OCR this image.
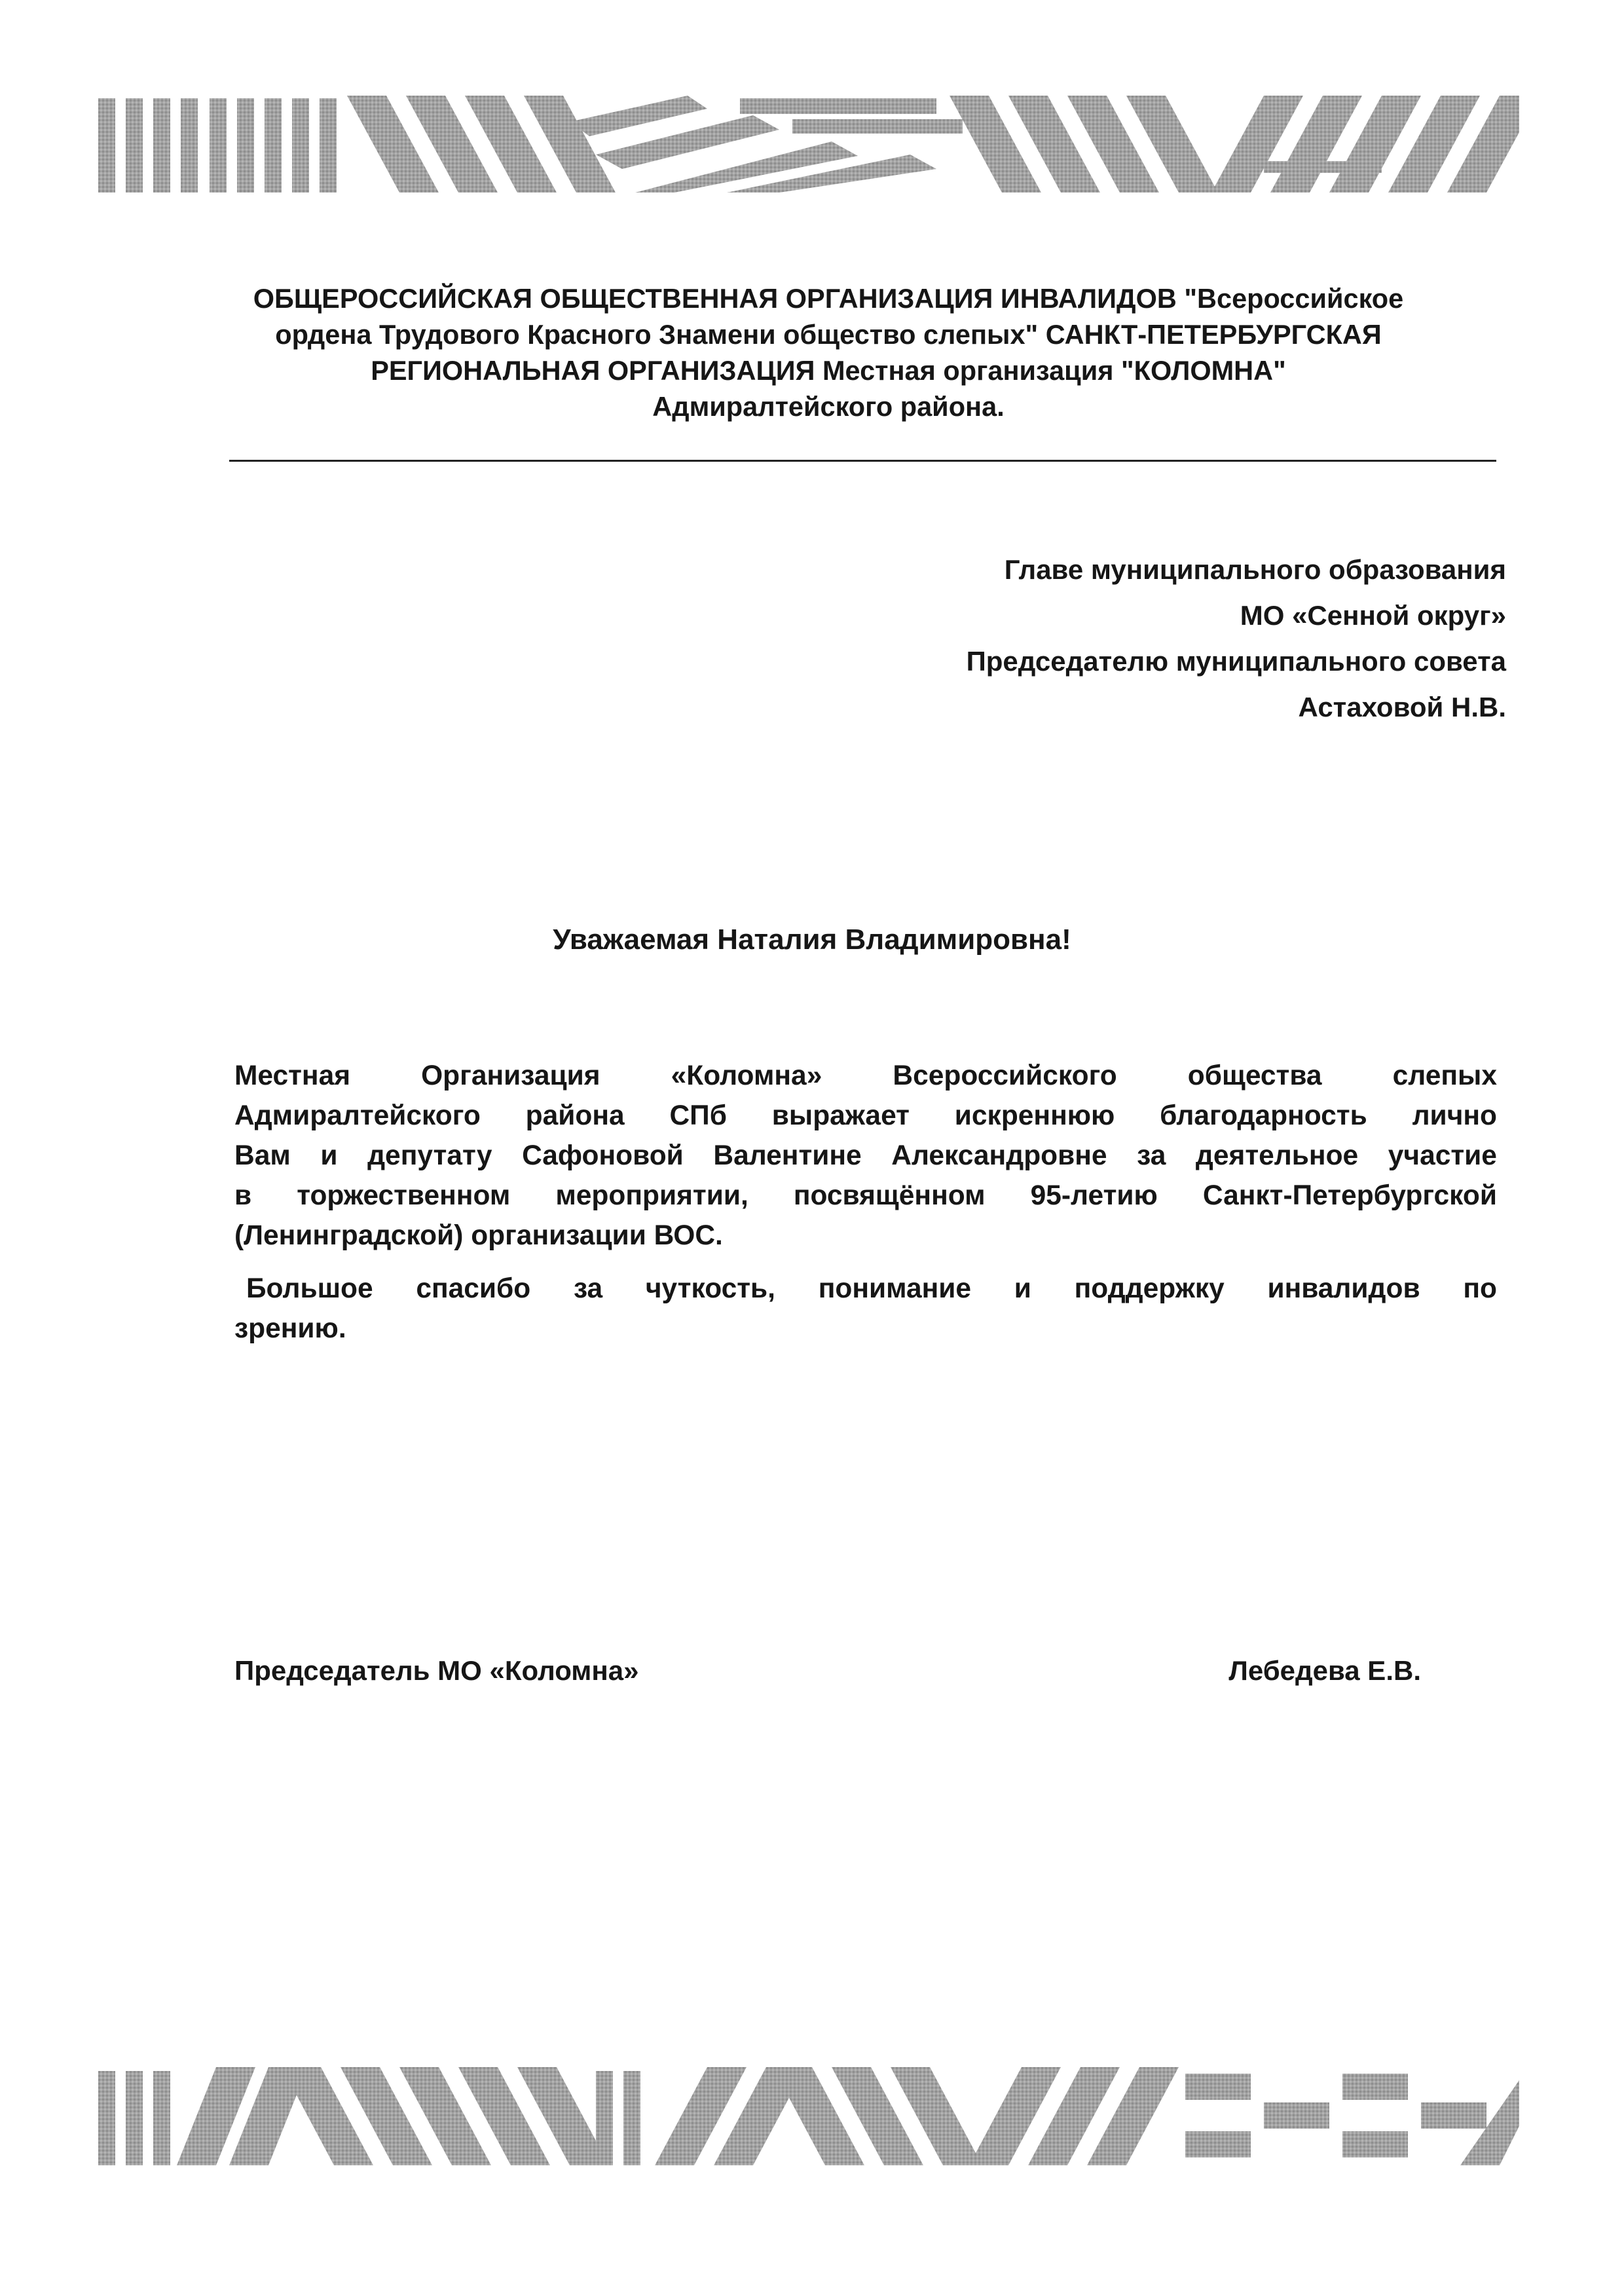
ОБЩЕРОССИЙСКАЯ ОБЩЕСТВЕННАЯ ОРГАНИЗАЦИЯ ИНВАЛИДОВ "Всероссийское
ордена Трудового Красного Знамени общество слепых" САНКТ-ПЕТЕРБУРГСКАЯ
РЕГИОНАЛЬНАЯ ОРГАНИЗАЦИЯ Местная организация "КОЛОМНА"
Адмиралтейского района.
Главе муниципального образования
МО «Сенной округ»
Председателю муниципального совета
Астаховой Н.В.
Уважаемая Наталия Владимировна!
Местная	Организация	«Коломна»	Всероссийского	общества	слепых
Адмиралтейского района СПб выражает искреннюю благодарность лично
Вам и депутату Сафоновой Валентине Александровне за деятельное участие
в торжественном мероприятии, посвящённом 95-летию Санкт-Петербургской
(Ленинградской) организации ВОС.
Большое спасибо за чуткость, понимание и поддержку инвалидов по
зрению.
Председатель МО «Коломна»	Лебедева Е.В.
